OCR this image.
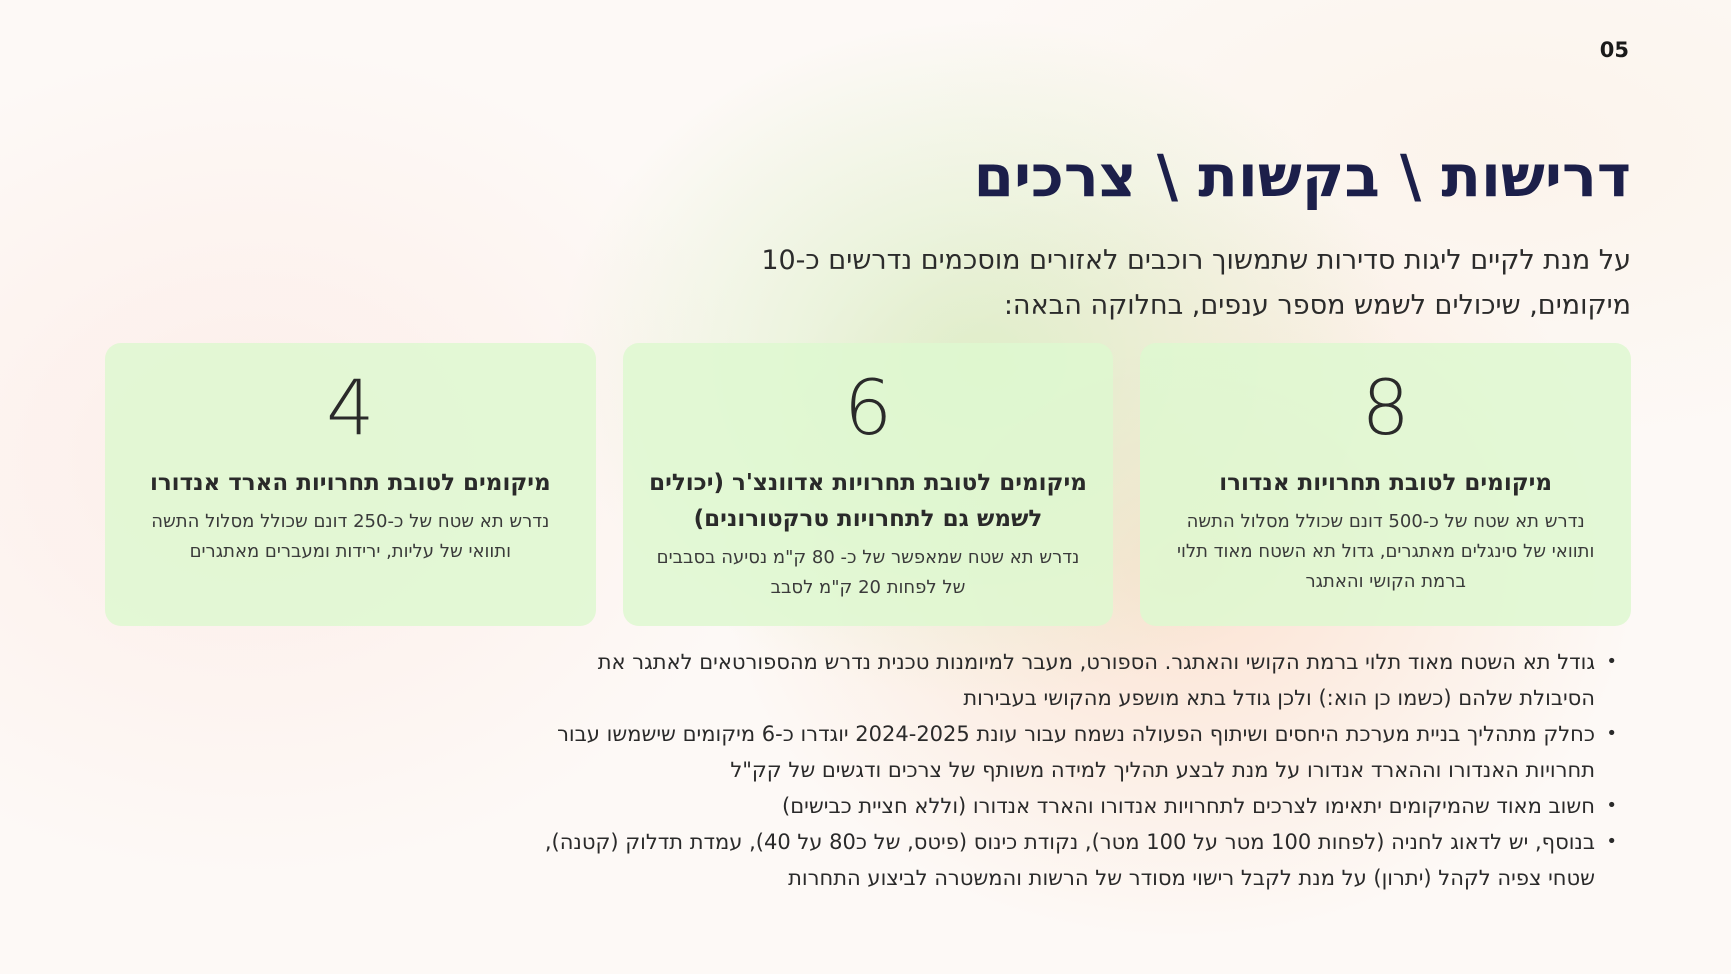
05
דרישות \ בקשות \ צרכים

על מנת לקיים ליגות סדירות שתמשוך רוכבים לאזורים מוסכמים נדרשים כ-10 מיקומים, שיכולים לשמש מספר ענפים, בחלוקה הבאה:

8
מיקומים לטובת תחרויות אנדורו
נדרש תא שטח של כ-500 דונם שכולל מסלול התשה ותוואי של סינגלים מאתגרים, גדול תא השטח מאוד תלוי ברמת הקושי והאתגר
6
מיקומים לטובת תחרויות אדוונצ'ר (יכולים לשמש גם לתחרויות טרקטורונים)
נדרש תא שטח שמאפשר של כ- 80 ק"מ נסיעה בסבבים של לפחות 20 ק"מ לסבב
4
מיקומים לטובת תחרויות הארד אנדורו
נדרש תא שטח של כ-250 דונם שכולל מסלול התשה ותוואי של עליות, ירידות ומעברים מאתגרים
•
גודל תא השטח מאוד תלוי ברמת הקושי והאתגר. הספורט, מעבר למיומנות טכנית נדרש מהספורטאים לאתגר את הסיבולת שלהם (כשמו כן הוא:) ולכן גודל בתא מושפע מהקושי בעבירות
•
כחלק מתהליך בניית מערכת היחסים ושיתוף הפעולה נשמח עבור עונת 2024-2025 יוגדרו כ-6 מיקומים שישמשו עבור תחרויות האנדורו וההארד אנדורו על מנת לבצע תהליך למידה משותף של צרכים ודגשים של קק"ל
•
חשוב מאוד שהמיקומים יתאימו לצרכים לתחרויות אנדורו והארד אנדורו (וללא חציית כבישים)
•
בנוסף, יש לדאוג לחניה (לפחות 100 מטר על 100 מטר), נקודת כינוס (פיטס, של כ80 על 40), עמדת תדלוק (קטנה), שטחי צפיה לקהל (יתרון) על מנת לקבל רישוי מסודר של הרשות והמשטרה לביצוע התחרות
